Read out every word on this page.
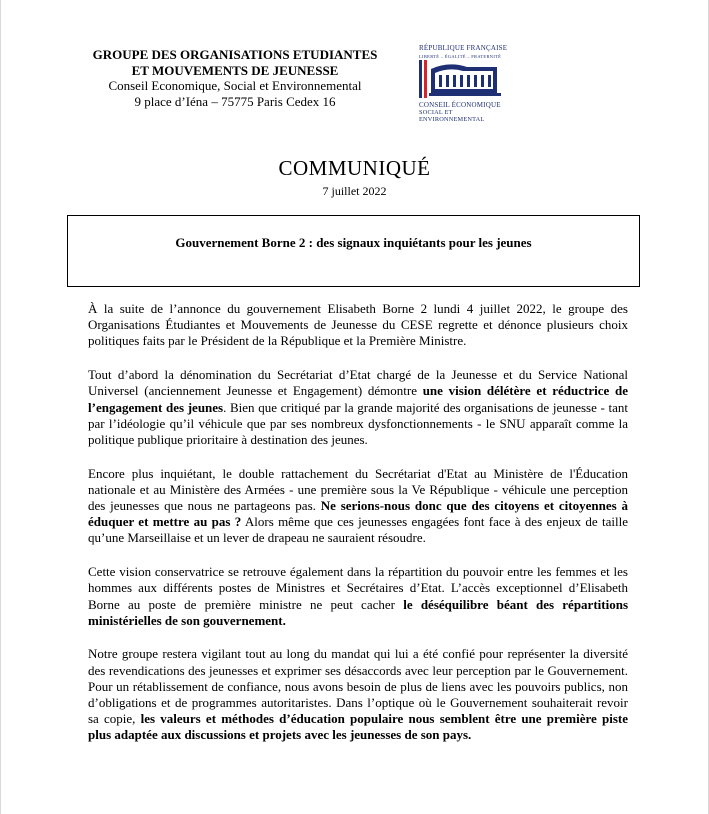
GROUPE DES ORGANISATIONS ETUDIANTES
ET MOUVEMENTS DE JEUNESSE
Conseil Economique, Social et Environnemental
9 place d’Iéna – 75775 Paris Cedex 16
RÉPUBLIQUE FRANÇAISE
LIBERTÉ – ÉGALITÉ – FRATERNITÉ
CONSEIL ÉCONOMIQUE
SOCIAL ET ENVIRONNEMENTAL
COMMUNIQUÉ
7 juillet 2022
Gouvernement Borne 2 : des signaux inquiétants pour les jeunes

À la suite de l’annonce du gouvernement Elisabeth Borne 2 lundi 4 juillet 2022, le groupe des Organisations Étudiantes et Mouvements de Jeunesse du CESE regrette et dénonce plusieurs choix politiques faits par le Président de la République et la Première Ministre.

Tout d’abord la dénomination du Secrétariat d’Etat chargé de la Jeunesse et du Service National Universel (anciennement Jeunesse et Engagement) démontre une vision délétère et réductrice de l’engagement des jeunes. Bien que critiqué par la grande majorité des organisations de jeunesse - tant par l’idéologie qu’il véhicule que par ses nombreux dysfonctionnements - le SNU apparaît comme la politique publique prioritaire à destination des jeunes.

Encore plus inquiétant, le double rattachement du Secrétariat d'Etat au Ministère de l'Éducation nationale et au Ministère des Armées - une première sous la Ve République - véhicule une perception des jeunesses que nous ne partageons pas. Ne serions-nous donc que des citoyens et citoyennes à éduquer et mettre au pas ? Alors même que ces jeunesses engagées font face à des enjeux de taille qu’une Marseillaise et un lever de drapeau ne sauraient résoudre.

Cette vision conservatrice se retrouve également dans la répartition du pouvoir entre les femmes et les hommes aux différents postes de Ministres et Secrétaires d’Etat. L’accès exceptionnel d’Elisabeth Borne au poste de première ministre ne peut cacher le déséquilibre béant des répartitions ministérielles de son gouvernement.

Notre groupe restera vigilant tout au long du mandat qui lui a été confié pour représenter la diversité des revendications des jeunesses et exprimer ses désaccords avec leur perception par le Gouvernement. Pour un rétablissement de confiance, nous avons besoin de plus de liens avec les pouvoirs publics, non d’obligations et de programmes autoritaristes. Dans l’optique où le Gouvernement souhaiterait revoir sa copie, les valeurs et méthodes d’éducation populaire nous semblent être une première piste plus adaptée aux discussions et projets avec les jeunesses de son pays.
